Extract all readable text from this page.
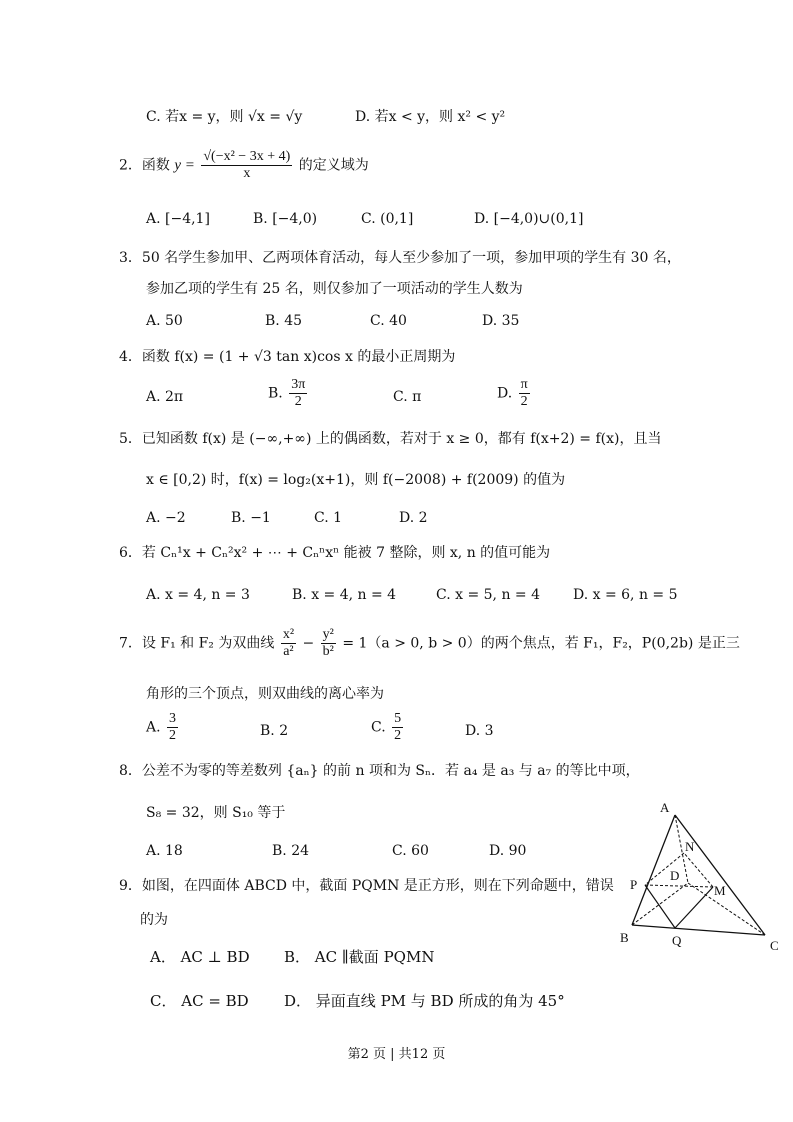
C. 若x = y，则 √x = √y	D. 若x < y，则 x² < y²
2．函数 $y = \frac{\text{√(−x² − 3x + 4)}}{x}$ 的定义域为
A. [−4,1]	B. [−4,0)	C. (0,1]	D. [−4,0)∪(0,1]
3．50 名学生参加甲、乙两项体育活动，每人至少参加了一项，参加甲项的学生有 30 名，
参加乙项的学生有 25 名，则仅参加了一项活动的学生人数为
A. 50	B. 45	C. 40	D. 35
4．函数 f(x) = (1 + √3 tan x)cos x 的最小正周期为
A. 2π	B. $\frac{3\pi}{2}$	C. π	D. $\frac{\pi}{2}$
5．已知函数 f(x) 是 (−∞,+∞) 上的偶函数，若对于 x ≥ 0，都有 f(x+2) = f(x)，且当
x ∈ [0,2) 时，f(x) = log₂(x+1)，则 f(−2008) + f(2009) 的值为
A. −2	B. −1	C. 1	D. 2
6．若 Cₙ¹x + Cₙ²x² + ⋯ + Cₙⁿxⁿ 能被 7 整除，则 x, n 的值可能为
A. x = 4, n = 3	B. x = 4, n = 4	C. x = 5, n = 4 D. x = 6, n = 5
7．设 F₁ 和 F₂ 为双曲线 $\frac{\text{x²}}{\text{a²}} - \frac{\text{y²}}{\text{b²}} = 1(a > 0$, b > 0）的两个焦点，若 F₁，F₂，P(0,2b) 是正三
角形的三个顶点，则双曲线的离心率为
A. $\frac{3}{2}$	B. 2	C. $\frac{5}{2}$	D. 3
8．公差不为零的等差数列 {aₙ} 的前 n 项和为 Sₙ．若 a₄ 是 a₃ 与 a₇ 的等比中项，
S₈ = 32，则 S₁₀ 等于
A. 18	B. 24	C. 60	D. 90
9．如图，在四面体 ABCD 中，截面 PQMN 是正方形，则在下列命题中，错误
的为
A． AC ⊥ BD B． AC ∥截面 PQMN
C． AC = BD D． 异面直线 PM 与 BD 所成的角为 45°
A
B
C
D
N
M
P
Q
第2 页 | 共12 页
